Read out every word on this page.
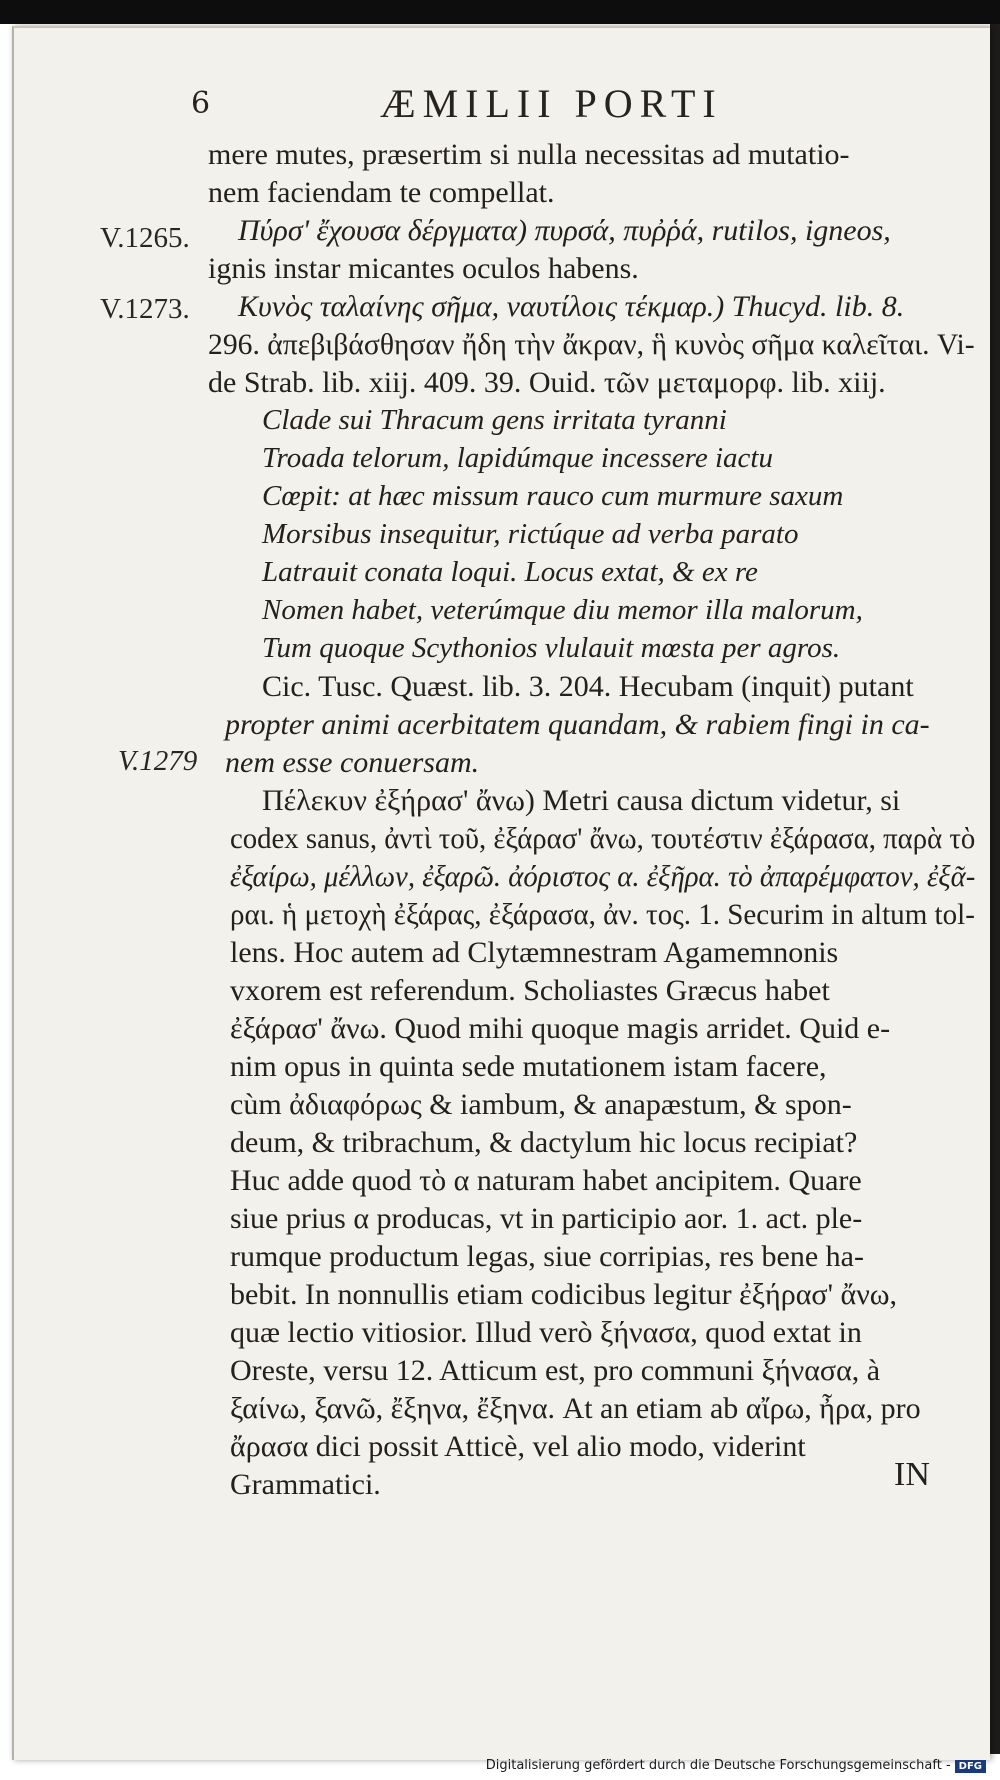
6	ÆMILII PORTI
V.1265.
V.1273.
V.1279
mere mutes, præsertim si nulla necessitas ad mutatio-
nem faciendam te compellat.
Πύρσ' ἔχουσα δέργματα) πυρσά, πυῤῥά, rutilos, igneos,
ignis instar micantes oculos habens.
Κυνὸς ταλαίνης σῆμα, ναυτίλοις τέκμαρ.) Thucyd. lib. 8.
296. ἀπεβιβάσθησαν ἤδη τὴν ἄκραν, ἣ κυνὸς σῆμα καλεῖται. Vi-
de Strab. lib. xiij. 409. 39. Ouid. τῶν μεταμορφ. lib. xiij.
Clade sui Thracum gens irritata tyranni
Troada telorum, lapidúmque incessere iactu
Cœpit: at hæc missum rauco cum murmure saxum
Morsibus insequitur, rictúque ad verba parato
Latrauit conata loqui. Locus extat, & ex re
Nomen habet, veterúmque diu memor illa malorum,
Tum quoque Scythonios vlulauit mœsta per agros.
Cic. Tusc. Quæst. lib. 3. 204. Hecubam (inquit) putant
propter animi acerbitatem quandam, & rabiem fingi in ca-
nem esse conuersam.
Πέλεκυν ἐξήρασ' ἄνω) Metri causa dictum videtur, si
codex sanus, ἀντὶ τοῦ, ἐξάρασ' ἄνω, τουτέστιν ἐξάρασα, παρὰ τὸ
ἐξαίρω, μέλλων, ἐξαρῶ. ἀόριστος α. ἐξῆρα. τὸ ἀπαρέμφατον, ἐξᾶ-
ραι. ἡ μετοχὴ ἐξάρας, ἐξάρασα, ἀν. τος. 1. Securim in altum tol-
lens. Hoc autem ad Clytæmnestram Agamemnonis
vxorem est referendum. Scholiastes Græcus habet
ἐξάρασ' ἄνω. Quod mihi quoque magis arridet. Quid e-
nim opus in quinta sede mutationem istam facere,
cùm ἀδιαφόρως & iambum, & anapæstum, & spon-
deum, & tribrachum, & dactylum hic locus recipiat?
Huc adde quod τὸ α naturam habet ancipitem. Quare
siue prius α producas, vt in participio aor. 1. act. ple-
rumque productum legas, siue corripias, res bene ha-
bebit. In nonnullis etiam codicibus legitur ἐξήρασ' ἄνω,
quæ lectio vitiosior. Illud verò ξήνασα, quod extat in
Oreste, versu 12. Atticum est, pro communi ξήνασα, à
ξαίνω, ξανῶ, ἔξηνα, ἔξηνα. At an etiam ab αἴρω, ἦρα, pro
ἄρασα dici possit Atticè, vel alio modo, viderint
Grammatici.	IN
Digitalisierung gefördert durch die Deutsche Forschungsgemeinschaft - DFG
